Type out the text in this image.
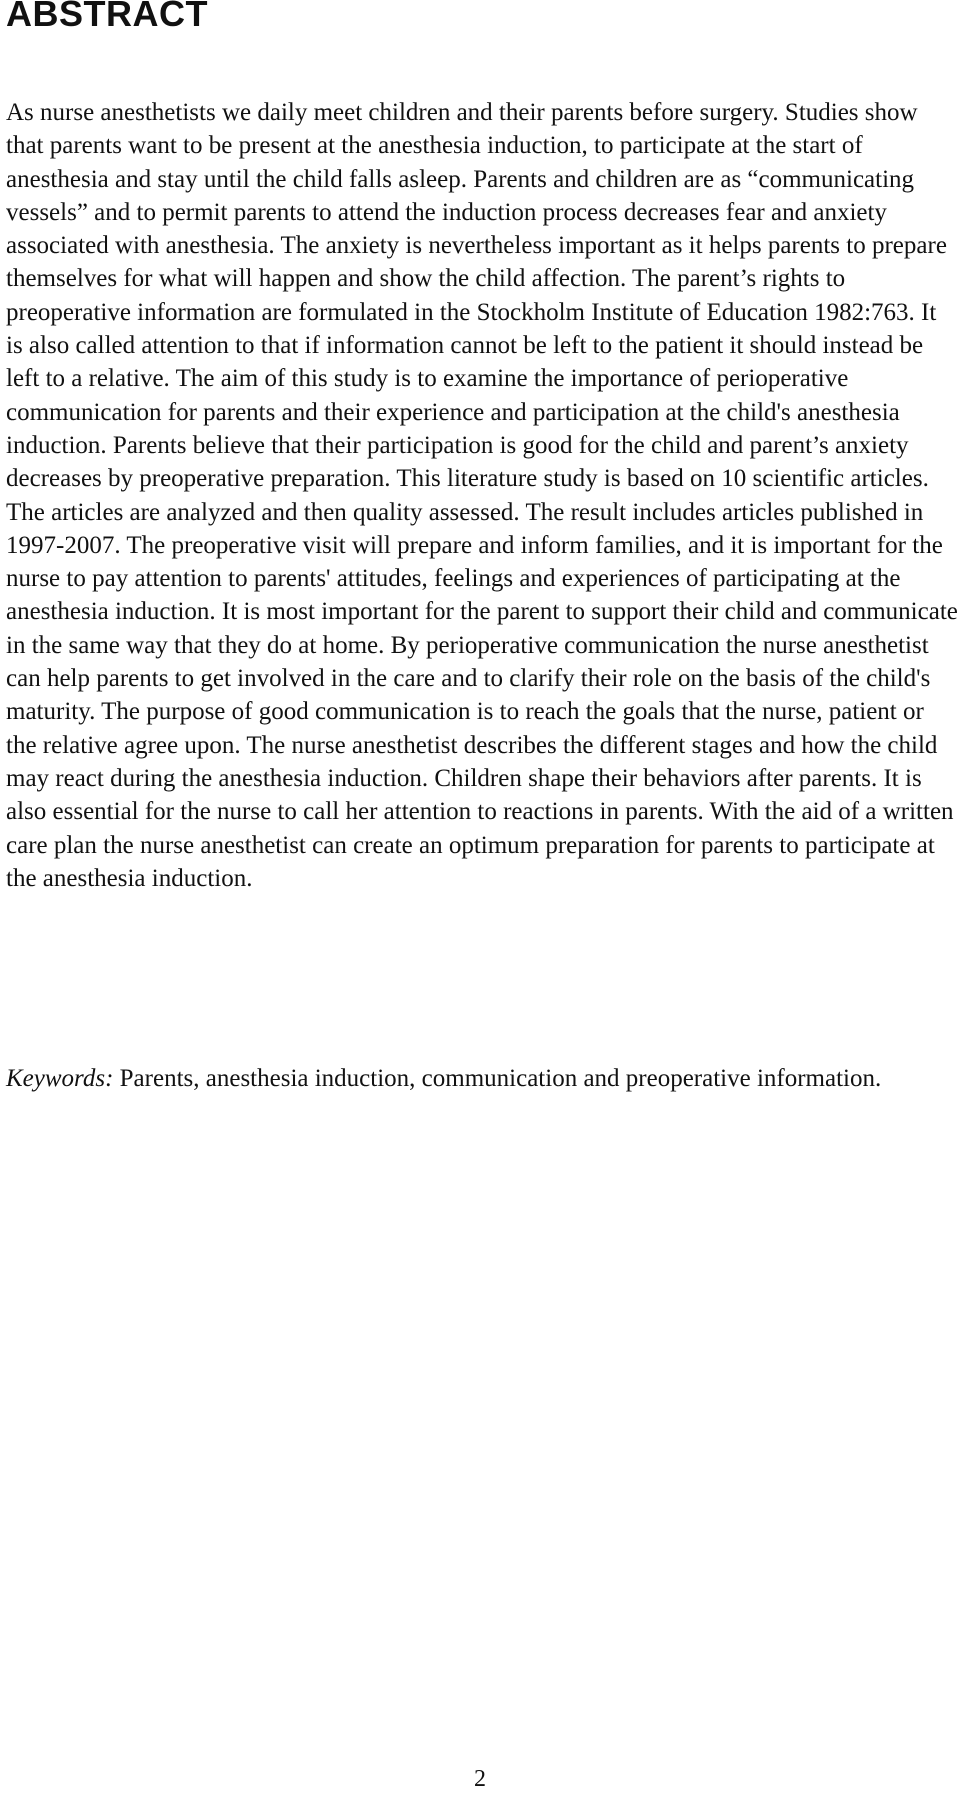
ABSTRACT

As nurse anesthetists we daily meet children and their parents before surgery. Studies show that parents want to be present at the anesthesia induction, to participate at the start of anesthesia and stay until the child falls asleep. Parents and children are as “communicating vessels” and to permit parents to attend the induction process decreases fear and anxiety associated with anesthesia. The anxiety is nevertheless important as it helps parents to prepare themselves for what will happen and show the child affection. The parent’s rights to preoperative information are formulated in the Stockholm Institute of Education 1982:763. It is also called attention to that if information cannot be left to the patient it should instead be left to a relative. The aim of this study is to examine the importance of perioperative communication for parents and their experience and participation at the child's anesthesia induction. Parents believe that their participation is good for the child and parent’s anxiety decreases by preoperative preparation. This literature study is based on 10 scientific articles. The articles are analyzed and then quality assessed. The result includes articles published in 1997-2007. The preoperative visit will prepare and inform families, and it is important for the nurse to pay attention to parents' attitudes, feelings and experiences of participating at the anesthesia induction. It is most important for the parent to support their child and communicate in the same way that they do at home. By perioperative communication the nurse anesthetist can help parents to get involved in the care and to clarify their role on the basis of the child's maturity. The purpose of good communication is to reach the goals that the nurse, patient or the relative agree upon. The nurse anesthetist describes the different stages and how the child may react during the anesthesia induction. Children shape their behaviors after parents. It is also essential for the nurse to call her attention to reactions in parents. With the aid of a written care plan the nurse anesthetist can create an optimum preparation for parents to participate at the anesthesia induction.

Keywords: Parents, anesthesia induction, communication and preoperative information.

2
